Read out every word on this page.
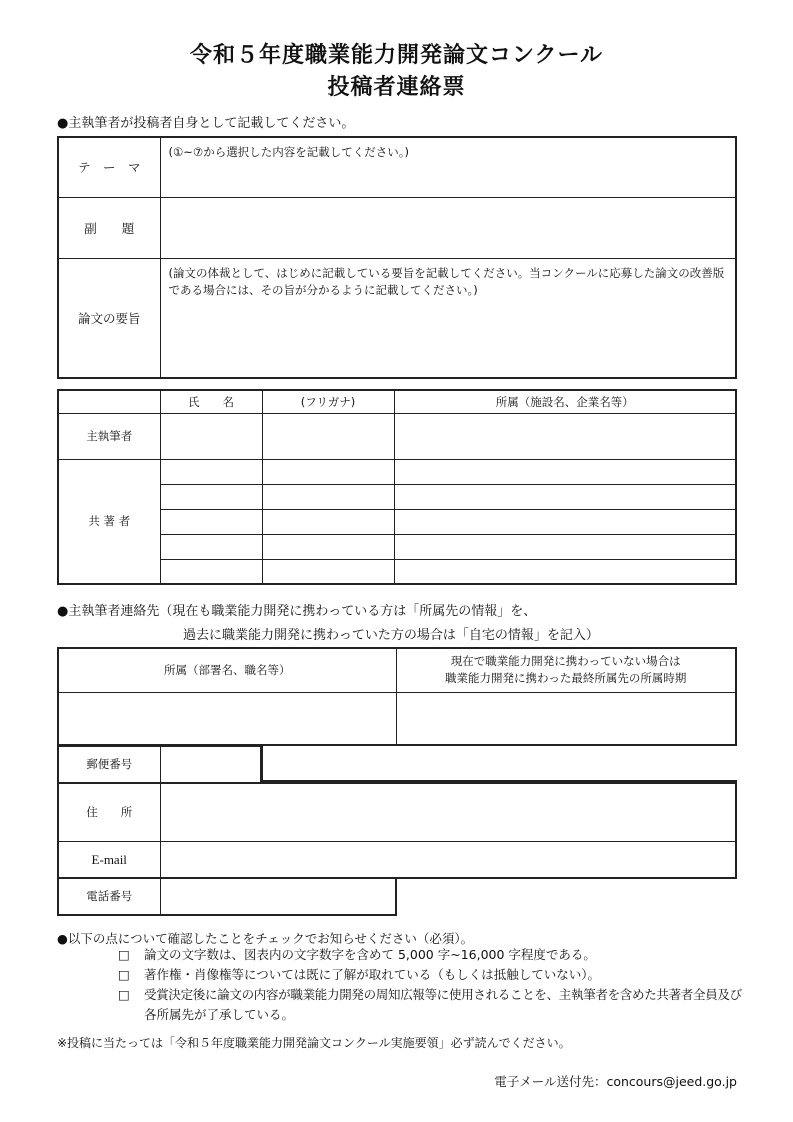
令和５年度職業能力開発論文コンクール
投稿者連絡票
●主執筆者が投稿者自身として記載してください。
テ　ー　マ	(①~⑦から選択した内容を記載してください。)
副　　題	
論文の要旨	(論文の体裁として、はじめに記載している要旨を記載してください。当コンクールに応募した論文の改善版である場合には、その旨が分かるように記載してください。)
	氏　　名	(フリガナ)	所属（施設名、企業名等）
主執筆者			
共 著 者			

●主執筆者連絡先（現在も職業能力開発に携わっている方は「所属先の情報」を、
過去に職業能力開発に携わっていた方の場合は「自宅の情報」を記入）
所属（部署名、職名等）	現在で職業能力開発に携わっていない場合は
職業能力開発に携わった最終所属先の所属時期

郵便番号	
住　　所	
E-mail	
電話番号	
●以下の点について確認したことをチェックでお知らせください（必須）。
□ 論文の文字数は、図表内の文字数字を含めて 5,000 字~16,000 字程度である。
□ 著作権・肖像権等については既に了解が取れている（もしくは抵触していない）。
□ 受賞決定後に論文の内容が職業能力開発の周知広報等に使用されることを、主執筆者を含めた共著者全員及び
各所属先が了承している。
※投稿に当たっては「令和５年度職業能力開発論文コンクール実施要領」必ず読んでください。
電子メール送付先：concours@jeed.go.jp
